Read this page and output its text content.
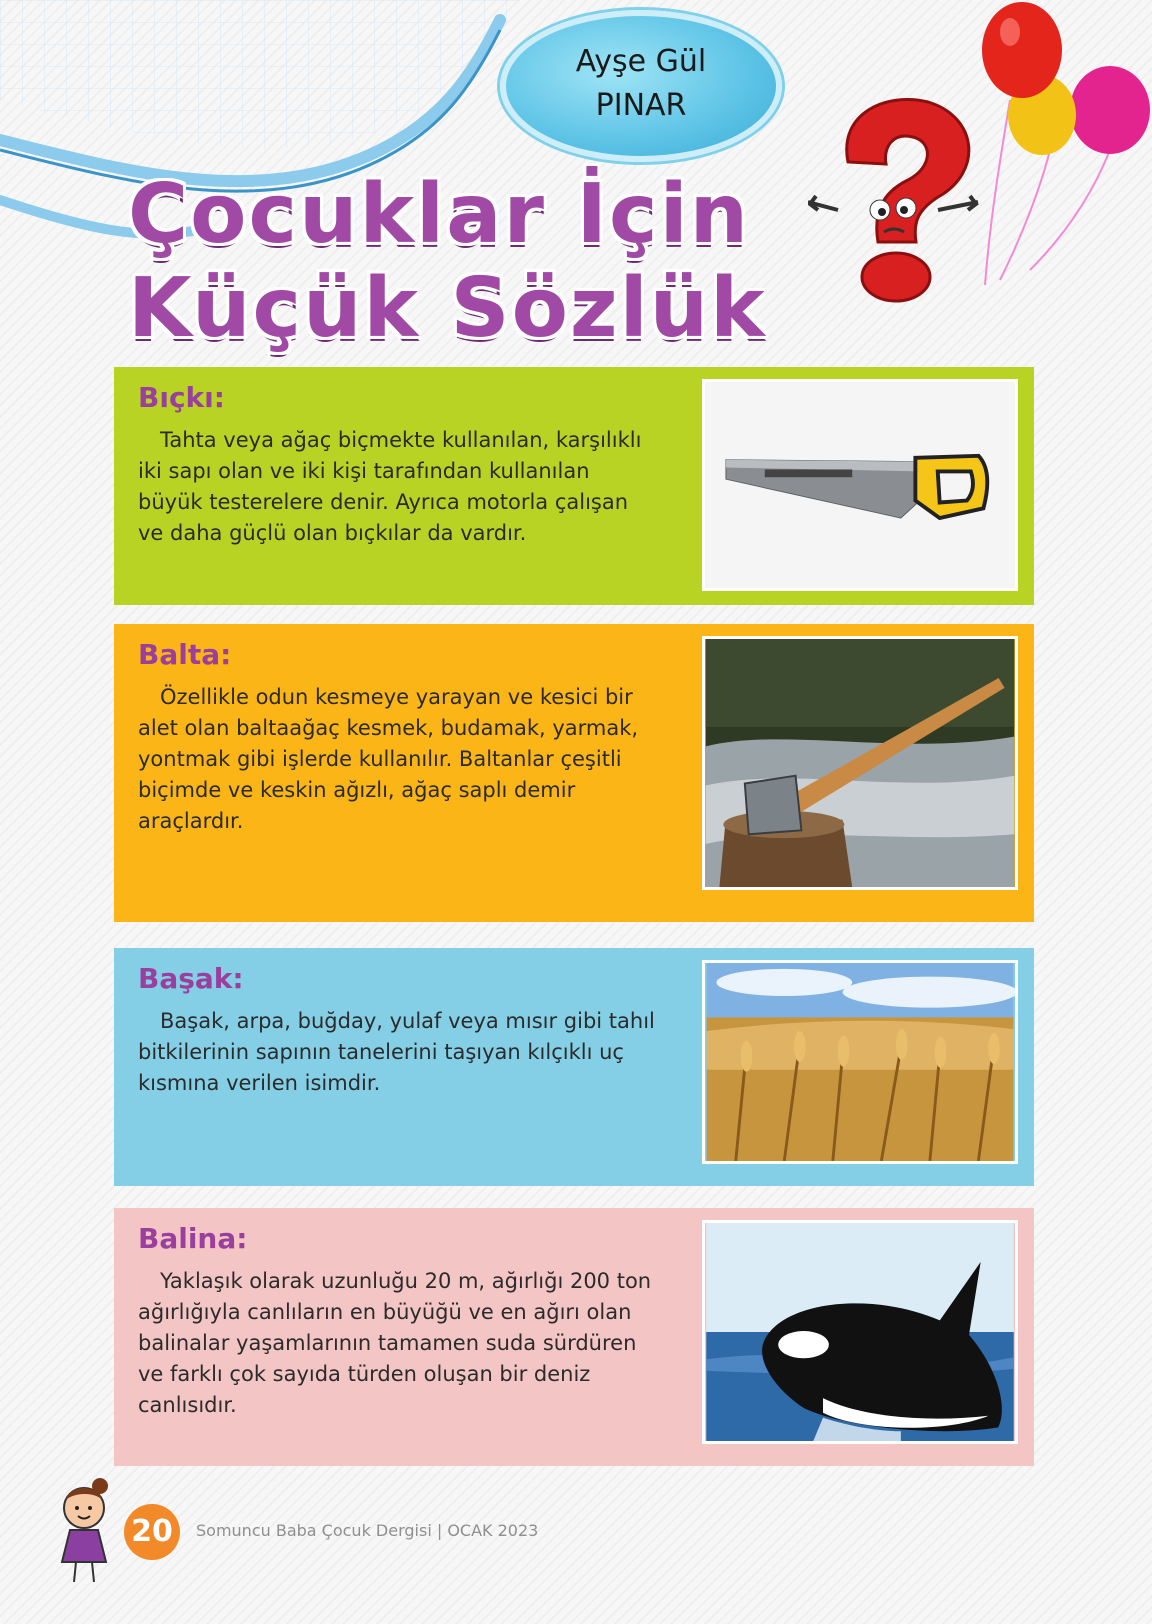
Ayşe Gül
PINAR
Çocuklar İçin
Küçük Sözlük
Bıçkı:
Tahta veya ağaç biçmekte kullanılan, karşılıklı iki sapı olan ve iki kişi tarafından kullanılan büyük testerelere denir. Ayrıca motorla çalışan ve daha güçlü olan bıçkılar da vardır.
Balta:
Özellikle odun kesmeye yarayan ve kesici bir alet olan baltaağaç kesmek, budamak, yarmak, yontmak gibi işlerde kullanılır. Baltanlar çeşitli biçimde ve keskin ağızlı, ağaç saplı demir araçlardır.
Başak:
Başak, arpa, buğday, yulaf veya mısır gibi tahıl bitkilerinin sapının tanelerini taşıyan kılçıklı uç kısmına verilen isimdir.
Balina:
Yaklaşık olarak uzunluğu 20 m, ağırlığı 200 ton ağırlığıyla canlıların en büyüğü ve en ağırı olan balinalar yaşamlarının tamamen suda sürdüren ve farklı çok sayıda türden oluşan bir deniz canlısıdır.
20	Somuncu Baba Çocuk Dergisi | OCAK 2023
